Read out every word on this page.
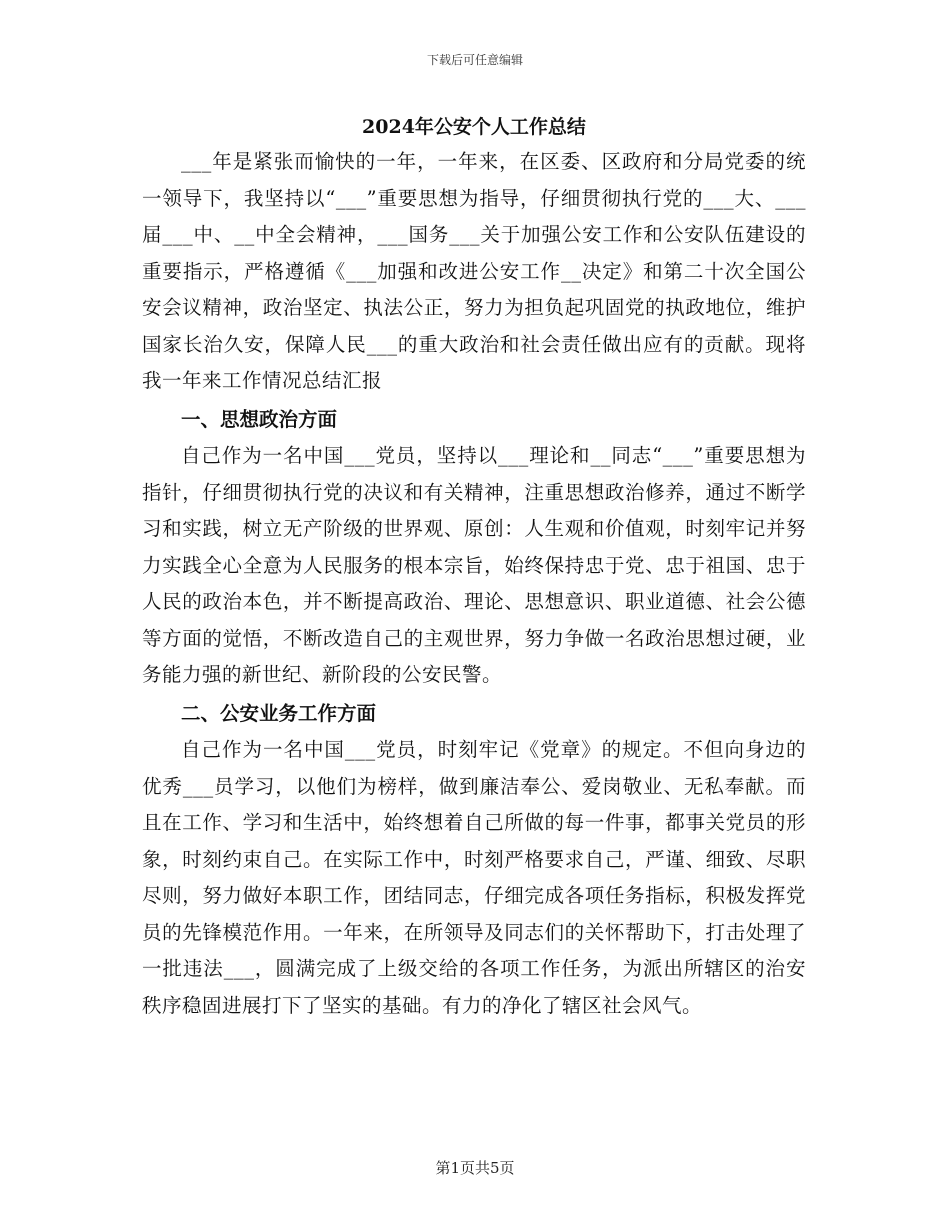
下载后可任意编辑
2024年公安个人工作总结

___年是紧张而愉快的一年，一年来，在区委、区政府和分局党委的统一领导下，我坚持以“___”重要思想为指导，仔细贯彻执行党的___大、___届___中、__中全会精神，___国务___关于加强公安工作和公安队伍建设的重要指示，严格遵循《___加强和改进公安工作__决定》和第二十次全国公安会议精神，政治坚定、执法公正，努力为担负起巩固党的执政地位，维护国家长治久安，保障人民___的重大政治和社会责任做出应有的贡献。现将我一年来工作情况总结汇报

一、思想政治方面

自己作为一名中国___党员，坚持以___理论和__同志“___”重要思想为指针，仔细贯彻执行党的决议和有关精神，注重思想政治修养，通过不断学习和实践，树立无产阶级的世界观、原创：人生观和价值观，时刻牢记并努力实践全心全意为人民服务的根本宗旨，始终保持忠于党、忠于祖国、忠于人民的政治本色，并不断提高政治、理论、思想意识、职业道德、社会公德等方面的觉悟，不断改造自己的主观世界，努力争做一名政治思想过硬，业务能力强的新世纪、新阶段的公安民警。

二、公安业务工作方面

自己作为一名中国___党员，时刻牢记《党章》的规定。不但向身边的优秀___员学习，以他们为榜样，做到廉洁奉公、爱岗敬业、无私奉献。而且在工作、学习和生活中，始终想着自己所做的每一件事，都事关党员的形象，时刻约束自己。在实际工作中，时刻严格要求自己，严谨、细致、尽职尽则，努力做好本职工作，团结同志，仔细完成各项任务指标，积极发挥党员的先锋模范作用。一年来，在所领导及同志们的关怀帮助下，打击处理了一批违法___，圆满完成了上级交给的各项工作任务，为派出所辖区的治安秩序稳固进展打下了坚实的基础。有力的净化了辖区社会风气。

第1页共5页
